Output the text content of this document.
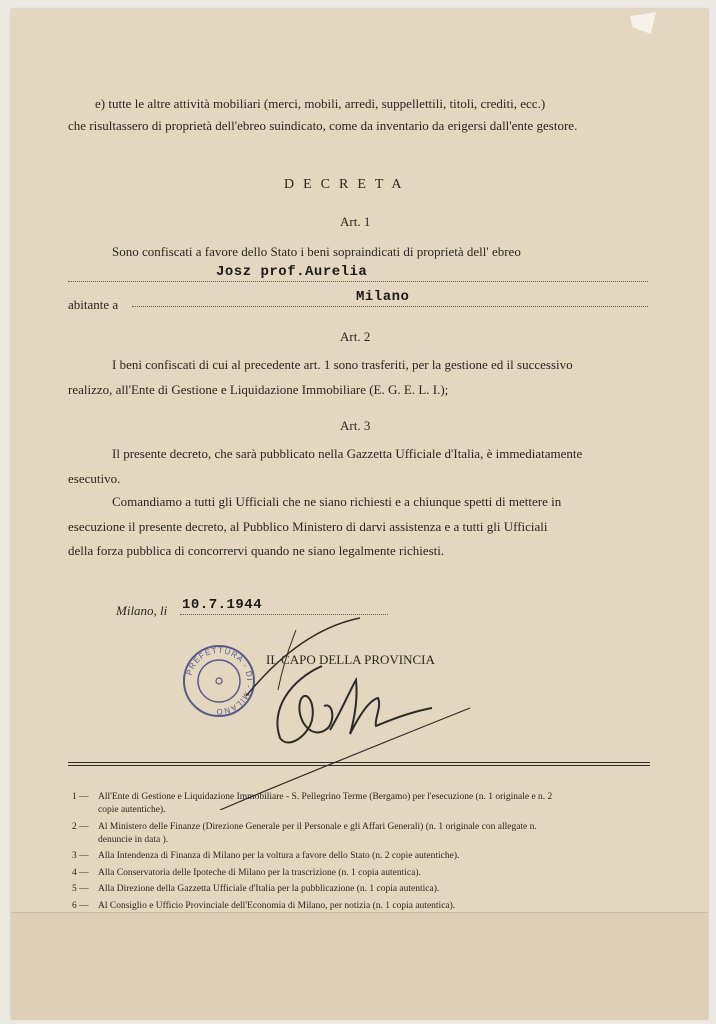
e) tutte le altre attività mobiliari (merci, mobili, arredi, suppellettili, titoli, crediti, ecc.)
che risultassero di proprietà dell'ebreo suindicato, come da inventario da erigersi dall'ente gestore.
DECRETA
Art. 1
Sono confiscati a favore dello Stato i beni sopraindicati di proprietà dell' ebreo
Josz prof.Aurelia
abitante a	Milano
Art. 2
I beni confiscati di cui al precedente art. 1 sono trasferiti, per la gestione ed il successivo
realizzo, all'Ente di Gestione e Liquidazione Immobiliare (E. G. E. L. I.);
Art. 3
Il presente decreto, che sarà pubblicato nella Gazzetta Ufficiale d'Italia, è immediatamente
esecutivo.
Comandiamo a tutti gli Ufficiali che ne siano richiesti e a chiunque spetti di mettere in
esecuzione il presente decreto, al Pubblico Ministero di darvi assistenza e a tutti gli Ufficiali
della forza pubblica di concorrervi quando ne siano legalmente richiesti.
Milano, li 10.7.1944
PREFETTURA - DI - MILANO
IL CAPO DELLA PROVINCIA
1 — All'Ente di Gestione e Liquidazione Immobiliare - S. Pellegrino Terme (Bergamo) per l'esecuzione (n. 1 originale e n. 2
copie autentiche).
2 — Al Ministero delle Finanze (Direzione Generale per il Personale e gli Affari Generali) (n. 1 originale con allegate n.
denuncie in data ).
3 — Alla Intendenza di Finanza di Milano per la voltura a favore dello Stato (n. 2 copie autentiche).
4 — Alla Conservatoria delle Ipoteche di Milano per la trascrizione (n. 1 copia autentica).
5 — Alla Direzione della Gazzetta Ufficiale d'Italia per la pubblicazione (n. 1 copia autentica).
6 — Al Consiglio e Ufficio Provinciale dell'Economia di Milano, per notizia (n. 1 copia autentica).
